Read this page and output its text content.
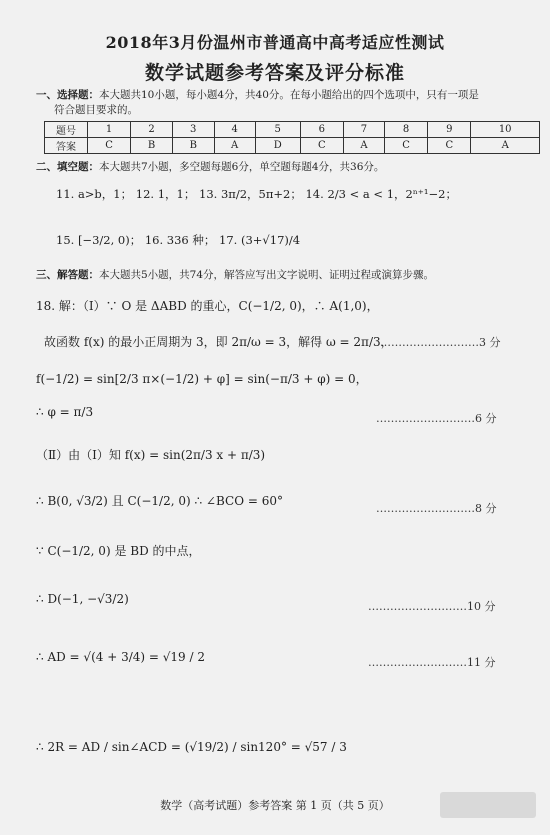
2018年3月份温州市普通高中高考适应性测试
数学试题参考答案及评分标准
一、选择题：本大题共10小题，每小题4分，共40分。在每小题给出的四个选项中，只有一项是
符合题目要求的。
题号	1	2	3	4	5	6	7	8	9	10
答案	C	B	B	A	D	C	A	C	C	A
二、填空题：本大题共7小题，多空题每题6分，单空题每题4分，共36分。
11. a>b，1； 12. 1，1； 13. 3π/2，5π+2； 14. 2/3 < a < 1，2ⁿ⁺¹−2；
15. [−3/2, 0)； 16. 336 种； 17. (3+√17)/4
三、解答题：本大题共5小题，共74分，解答应写出文字说明、证明过程或演算步骤。
18. 解：（Ⅰ）∵ O 是 ΔABD 的重心，C(−1/2, 0)，∴ A(1,0)，
故函数 f(x) 的最小正周期为 3，即 2π/ω = 3，解得 ω = 2π/3，
………………………3 分
f(−1/2) = sin[2/3 π×(−1/2) + φ] = sin(−π/3 + φ) = 0，
∴ φ = π/3	………………………6 分
（Ⅱ）由（Ⅰ）知 f(x) = sin(2π/3 x + π/3)
∴ B(0, √3/2) 且 C(−1/2, 0) ∴ ∠BCO = 60°
………………………8 分
∵ C(−1/2, 0) 是 BD 的中点，
∴ D(−1, −√3/2)
………………………10 分
∴ AD = √(4 + 3/4) = √19 / 2	………………………11 分
∴ 2R = AD / sin∠ACD = (√19/2) / sin120° = √57 / 3
数学（高考试题）参考答案 第 1 页（共 5 页）
